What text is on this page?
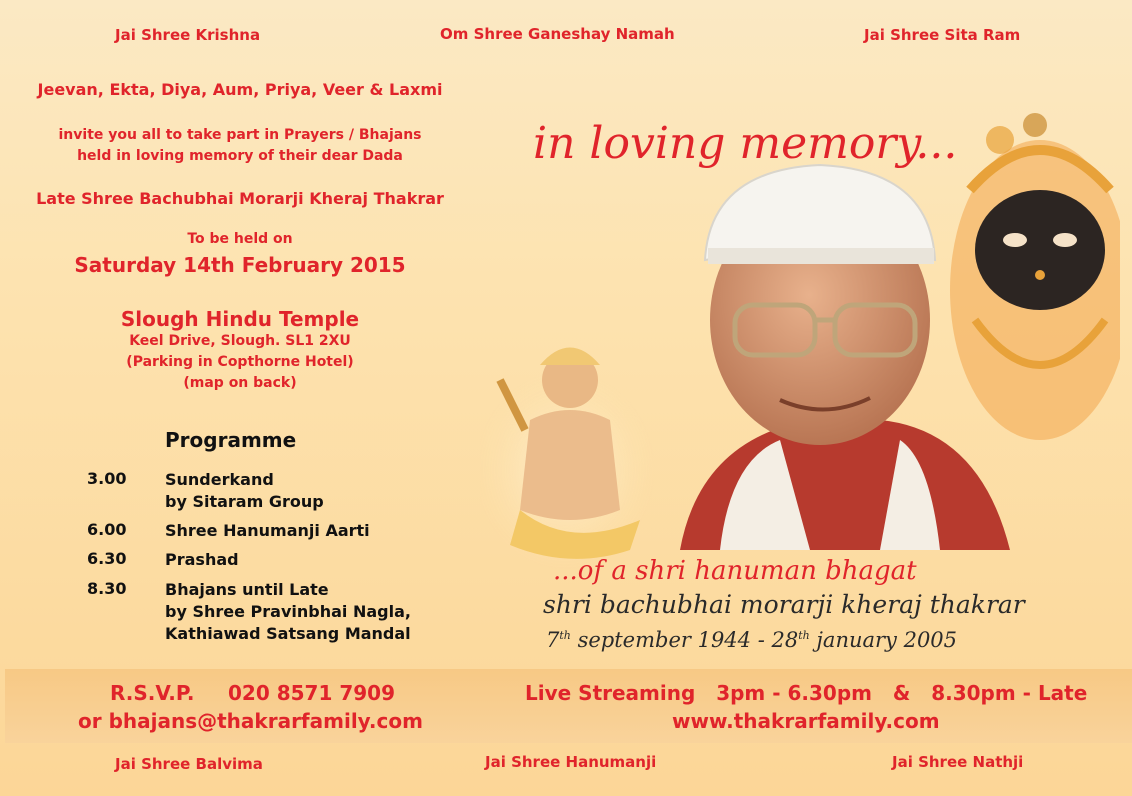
Jai Shree Krishna	Om Shree Ganeshay Namah	Jai Shree Sita Ram
Jeevan, Ekta, Diya, Aum, Priya, Veer & Laxmi
invite you all to take part in Prayers / Bhajans
held in loving memory of their dear Dada
Late Shree Bachubhai Morarji Kheraj Thakrar
To be held on
Saturday 14th February 2015
Slough Hindu Temple
Keel Drive, Slough. SL1 2XU
(Parking in Copthorne Hotel)
(map on back)
Programme
3.00	Sunderkand
by Sitaram Group
6.00	Shree Hanumanji Aarti
6.30	Prashad
8.30	Bhajans until Late
by Shree Pravinbhai Nagla,
Kathiawad Satsang Mandal
in loving memory...
...of a shri hanuman bhagat
shri bachubhai morarji kheraj thakrar
7th september 1944 - 28th january 2005
R.S.V.P. 020 8571 7909
or bhajans@thakrarfamily.com
Live Streaming   3pm - 6.30pm   &   8.30pm - Late
www.thakrarfamily.com
Jai Shree Balvima	Jai Shree Hanumanji	Jai Shree Nathji
